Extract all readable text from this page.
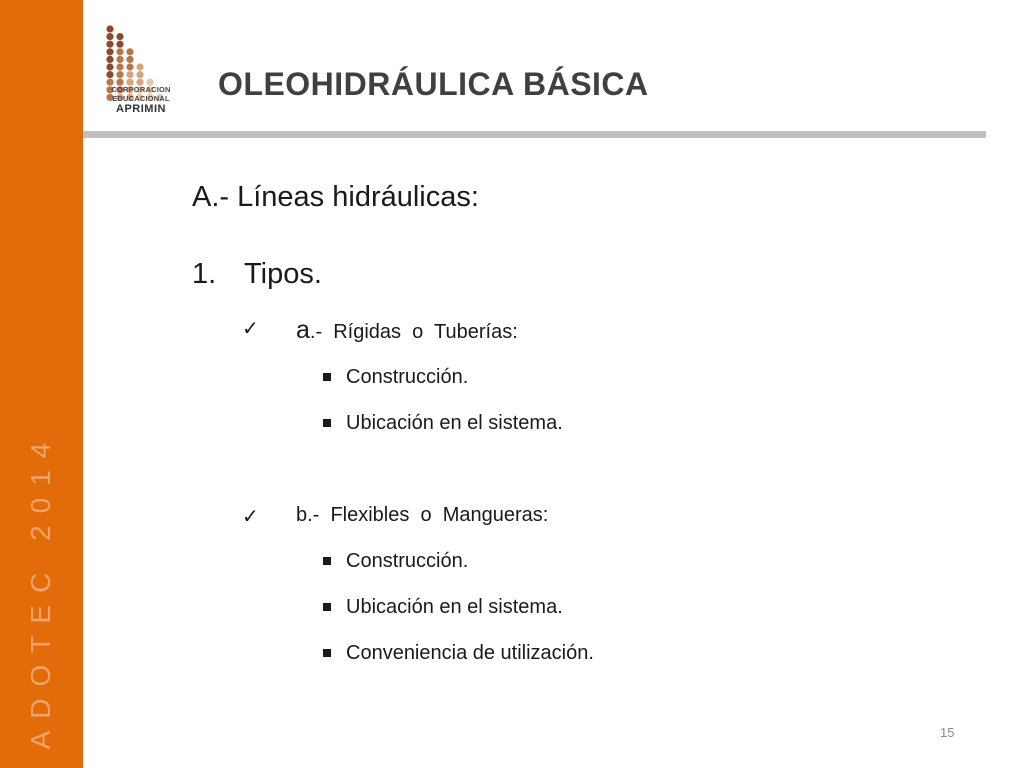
ADOTEC 2014
CORPORACION
EDUCACIONAL
APRIMIN
OLEOHIDRÁULICA BÁSICA
A.- Líneas hidráulicas:
1. Tipos.
✓ a.-  Rígidas  o  Tuberías:
Construcción.
Ubicación en el sistema.
✓ b.-  Flexibles  o  Mangueras:
Construcción.
Ubicación en el sistema.
Conveniencia de utilización.
15
